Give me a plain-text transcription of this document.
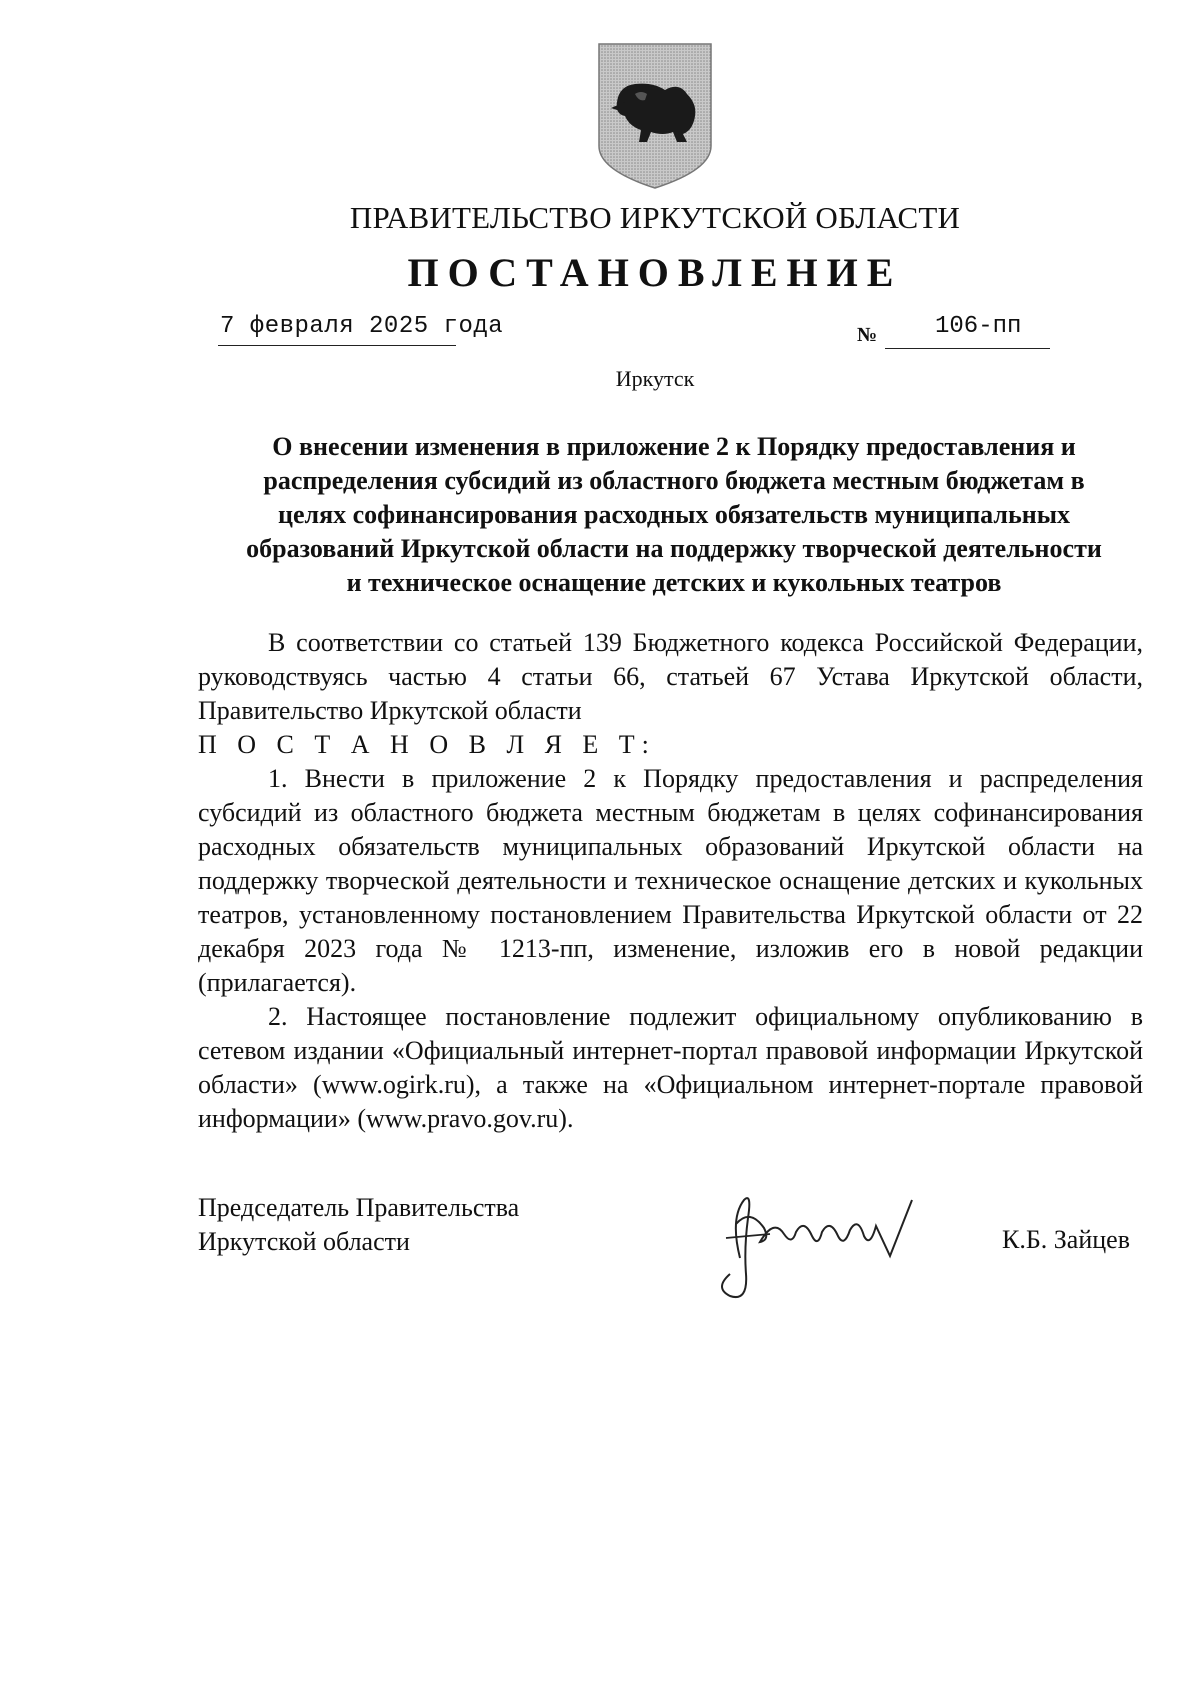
ПРАВИТЕЛЬСТВО ИРКУТСКОЙ ОБЛАСТИ
ПОСТАНОВЛЕНИЕ
7 февраля 2025 года	№ 106-пп
Иркутск
О внесении изменения в приложение 2 к Порядку предоставления и
распределения субсидий из областного бюджета местным бюджетам в
целях софинансирования расходных обязательств муниципальных
образований Иркутской области на поддержку творческой деятельности
и техническое оснащение детских и кукольных театров

В соответствии со статьей 139 Бюджетного кодекса Российской Федерации, руководствуясь частью 4 статьи 66, статьей 67 Устава Иркутской области, Правительство Иркутской области

П О С Т А Н О В Л Я Е Т:

1. Внести в приложение 2 к Порядку предоставления и распределения субсидий из областного бюджета местным бюджетам в целях софинансирования расходных обязательств муниципальных образований Иркутской области на поддержку творческой деятельности и техническое оснащение детских и кукольных театров, установленному постановлением Правительства Иркутской области от 22 декабря 2023 года № 1213-пп, изменение, изложив его в новой редакции (прилагается).

2. Настоящее постановление подлежит официальному опубликованию в сетевом издании «Официальный интернет-портал правовой информации Иркутской области» (www.ogirk.ru), а также на «Официальном интернет-портале правовой информации» (www.pravo.gov.ru).

Председатель Правительства
Иркутской области	К.Б. Зайцев
